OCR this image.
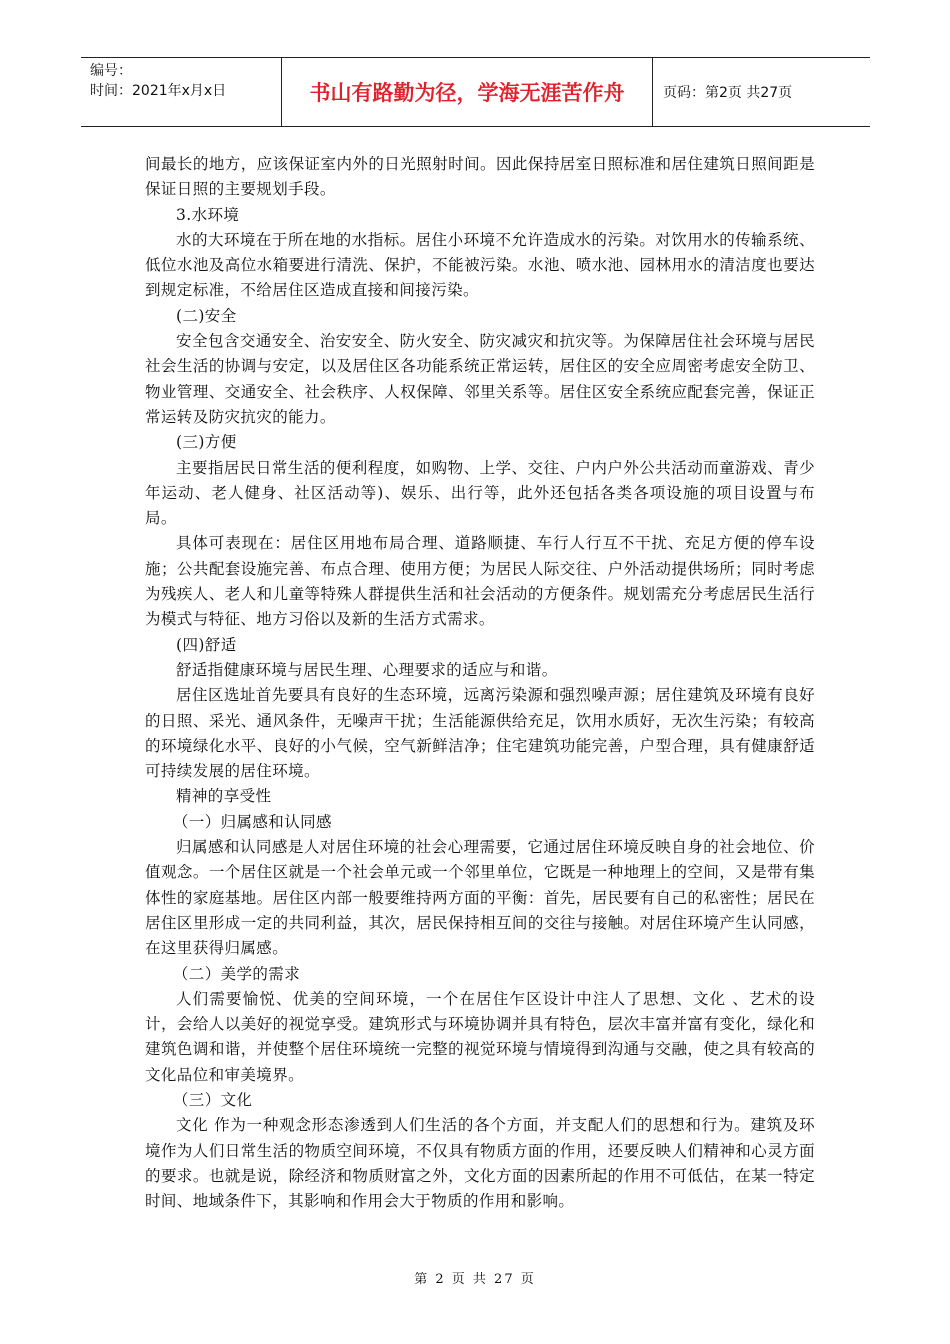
编号：
时间：2021年x月x日	书山有路勤为径，学海无涯苦作舟	页码：第2页 共27页

间最长的地方，应该保证室内外的日光照射时间。因此保持居室日照标准和居住建筑日照间距是保证日照的主要规划手段。

3.水环境

水的大环境在于所在地的水指标。居住小环境不允许造成水的污染。对饮用水的传输系统、低位水池及高位水箱要进行清洗、保护，不能被污染。水池、喷水池、园林用水的清洁度也要达到规定标准，不给居住区造成直接和间接污染。

(二)安全

安全包含交通安全、治安安全、防火安全、防灾减灾和抗灾等。为保障居住社会环境与居民社会生活的协调与安定，以及居住区各功能系统正常运转，居住区的安全应周密考虑安全防卫、物业管理、交通安全、社会秩序、人权保障、邻里关系等。居住区安全系统应配套完善，保证正常运转及防灾抗灾的能力。

(三)方便

主要指居民日常生活的便利程度，如购物、上学、交往、户内户外公共活动而童游戏、青少年运动、老人健身、社区活动等)、娱乐、出行等，此外还包括各类各项设施的项目设置与布局。

具体可表现在：居住区用地布局合理、道路顺捷、车行人行互不干扰、充足方便的停车设施；公共配套设施完善、布点合理、使用方便；为居民人际交往、户外活动提供场所；同时考虑为残疾人、老人和儿童等特殊人群提供生活和社会活动的方便条件。规划需充分考虑居民生活行为模式与特征、地方习俗以及新的生活方式需求。

(四)舒适

舒适指健康环境与居民生理、心理要求的适应与和谐。

居住区选址首先要具有良好的生态环境，远离污染源和强烈噪声源；居住建筑及环境有良好的日照、采光、通风条件，无噪声干扰；生活能源供给充足，饮用水质好，无次生污染；有较高的环境绿化水平、良好的小气候，空气新鲜洁净；住宅建筑功能完善，户型合理，具有健康舒适可持续发展的居住环境。

精神的享受性

（一）归属感和认同感

归属感和认同感是人对居住环境的社会心理需要，它通过居住环境反映自身的社会地位、价值观念。一个居住区就是一个社会单元或一个邻里单位，它既是一种地理上的空间，又是带有集体性的家庭基地。居住区内部一般要维持两方面的平衡：首先，居民要有自己的私密性；居民在居住区里形成一定的共同利益，其次，居民保持相互间的交往与接触。对居住环境产生认同感，在这里获得归属感。

（二）美学的需求

人们需要愉悦、优美的空间环境，一个在居住乍区设计中注人了思想、文化 、艺术的设计，会给人以美好的视觉享受。建筑形式与环境协调并具有特色，层次丰富并富有变化，绿化和建筑色调和谐，并使整个居住环境统一完整的视觉环境与情境得到沟通与交融，使之具有较高的文化品位和审美境界。

（三）文化

文化 作为一种观念形态渗透到人们生活的各个方面，并支配人们的思想和行为。建筑及环境作为人们日常生活的物质空间环境，不仅具有物质方面的作用，还要反映人们精神和心灵方面的要求。也就是说，除经济和物质财富之外，文化方面的因素所起的作用不可低估，在某一特定时间、地域条件下，其影响和作用会大于物质的作用和影响。

第 2 页 共 27 页
